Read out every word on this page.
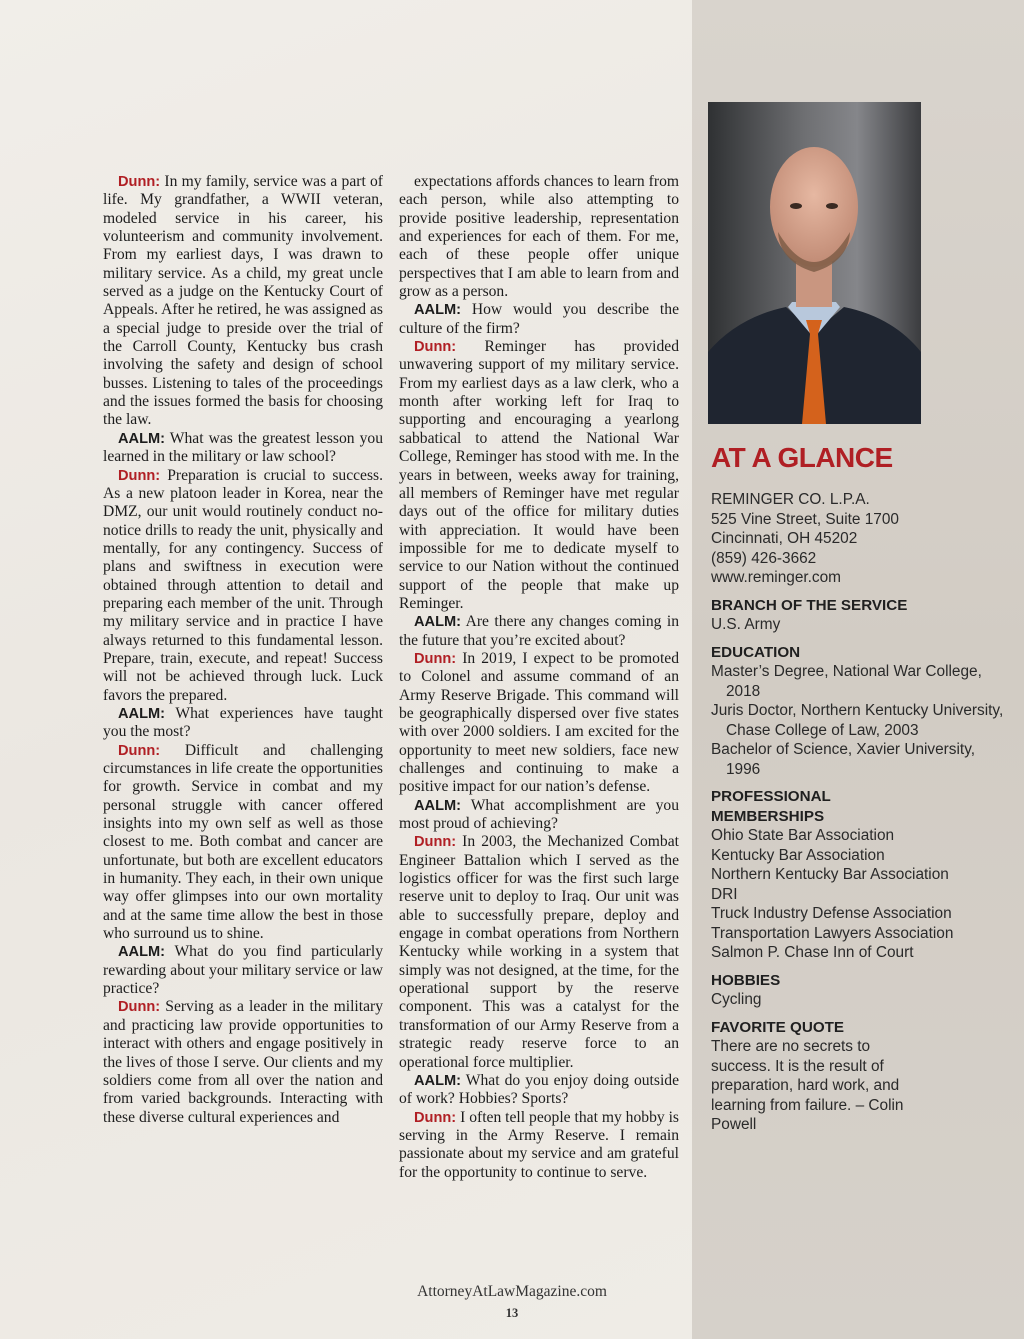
Dunn: In my family, service was a part of life. My grandfather, a WWII veteran, modeled service in his career, his volunteerism and community involvement. From my earliest days, I was drawn to military service. As a child, my great uncle served as a judge on the Kentucky Court of Appeals. After he retired, he was assigned as a special judge to preside over the trial of the Carroll County, Kentucky bus crash involving the safety and design of school busses. Listening to tales of the proceedings and the issues formed the basis for choosing the law.

AALM: What was the greatest lesson you learned in the military or law school?

Dunn: Preparation is crucial to success. As a new platoon leader in Korea, near the DMZ, our unit would routinely conduct no-notice drills to ready the unit, physically and mentally, for any contingency. Success of plans and swiftness in execution were obtained through attention to detail and preparing each member of the unit. Through my military service and in practice I have always returned to this fundamental lesson. Prepare, train, execute, and repeat! Success will not be achieved through luck. Luck favors the prepared.

AALM: What experiences have taught you the most?

Dunn: Difficult and challenging circumstances in life create the opportunities for growth. Service in combat and my personal struggle with cancer offered insights into my own self as well as those closest to me. Both combat and cancer are unfortunate, but both are excellent educators in humanity. They each, in their own unique way offer glimpses into our own mortality and at the same time allow the best in those who surround us to shine.

AALM: What do you find particularly rewarding about your military service or law practice?

Dunn: Serving as a leader in the military and practicing law provide opportunities to interact with others and engage positively in the lives of those I serve. Our clients and my soldiers come from all over the nation and from varied backgrounds. Interacting with these diverse cultural experiences and

expectations affords chances to learn from each person, while also attempting to provide positive leadership, representation and experiences for each of them. For me, each of these people offer unique perspectives that I am able to learn from and grow as a person.

AALM: How would you describe the culture of the firm?

Dunn: Reminger has provided unwavering support of my military service. From my earliest days as a law clerk, who a month after working left for Iraq to supporting and encouraging a yearlong sabbatical to attend the National War College, Reminger has stood with me. In the years in between, weeks away for training, all members of Reminger have met regular days out of the office for military duties with appreciation. It would have been impossible for me to dedicate myself to service to our Nation without the continued support of the people that make up Reminger.

AALM: Are there any changes coming in the future that you’re excited about?

Dunn: In 2019, I expect to be promoted to Colonel and assume command of an Army Reserve Brigade. This command will be geographically dispersed over five states with over 2000 soldiers. I am excited for the opportunity to meet new soldiers, face new challenges and continuing to make a positive impact for our nation’s defense.

AALM: What accomplishment are you most proud of achieving?

Dunn: In 2003, the Mechanized Combat Engineer Battalion which I served as the logistics officer for was the first such large reserve unit to deploy to Iraq. Our unit was able to successfully prepare, deploy and engage in combat operations from Northern Kentucky while working in a system that simply was not designed, at the time, for the operational support by the reserve component. This was a catalyst for the transformation of our Army Reserve from a strategic ready reserve force to an operational force multiplier.

AALM: What do you enjoy doing outside of work? Hobbies? Sports?

Dunn: I often tell people that my hobby is serving in the Army Reserve. I remain passionate about my service and am grateful for the opportunity to continue to serve.

AT A GLANCE

REMINGER CO. L.P.A.

525 Vine Street, Suite 1700

Cincinnati, OH 45202

(859) 426-3662

www.reminger.com

BRANCH OF THE SERVICE

U.S. Army

EDUCATION

Master’s Degree, National War College, 2018

Juris Doctor, Northern Kentucky University, Chase College of Law, 2003

Bachelor of Science, Xavier University, 1996

PROFESSIONAL MEMBERSHIPS

Ohio State Bar Association

Kentucky Bar Association

Northern Kentucky Bar Association

DRI

Truck Industry Defense Association

Transportation Lawyers Association

Salmon P. Chase Inn of Court

HOBBIES

Cycling

FAVORITE QUOTE

There are no secrets to success. It is the result of preparation, hard work, and learning from failure. – Colin Powell

AttorneyAtLawMagazine.com
13
